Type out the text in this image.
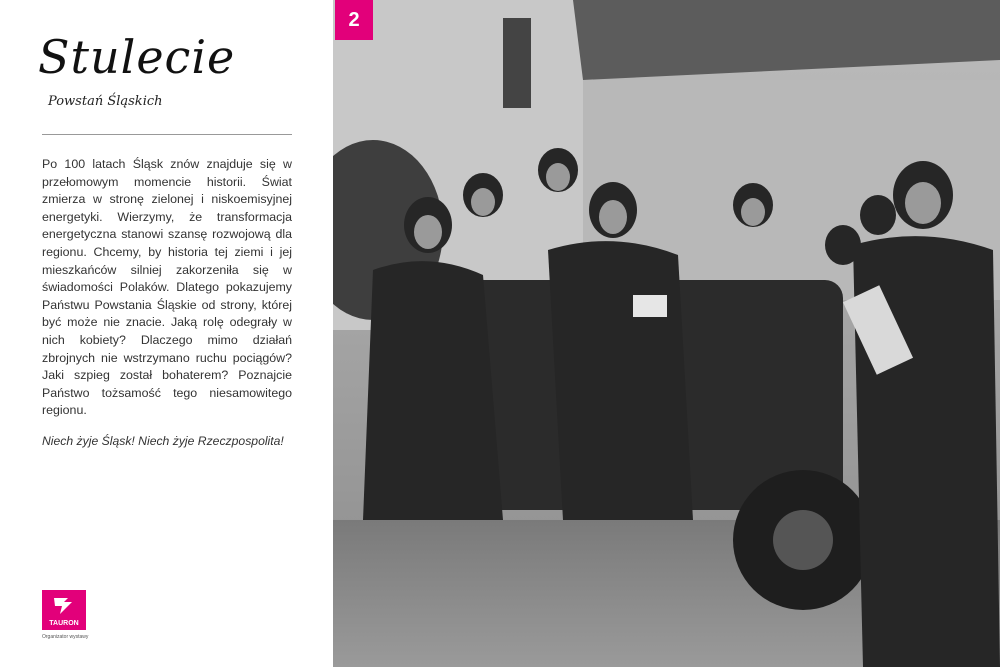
Stulecie
Powstań Śląskich
Po 100 latach Śląsk znów znajduje się w przełomowym momencie historii. Świat zmierza w stronę zielonej i niskoemisyjnej energetyki. Wierzymy, że transformacja energetyczna stanowi szansę rozwojową dla regionu. Chcemy, by historia tej ziemi i jej mieszkańców silniej zakorzeniła się w świadomości Polaków. Dlatego pokazujemy Państwu Powstania Śląskie od strony, której być może nie znacie. Jaką rolę odegrały w nich kobiety? Dlaczego mimo działań zbrojnych nie wstrzymano ruchu pociągów? Jaki szpieg został bohaterem? Poznajcie Państwo tożsamość tego niesamowitego regionu.
Niech żyje Śląsk! Niech żyje Rzeczpospolita!
TAURON
Organizator wystawy
2
